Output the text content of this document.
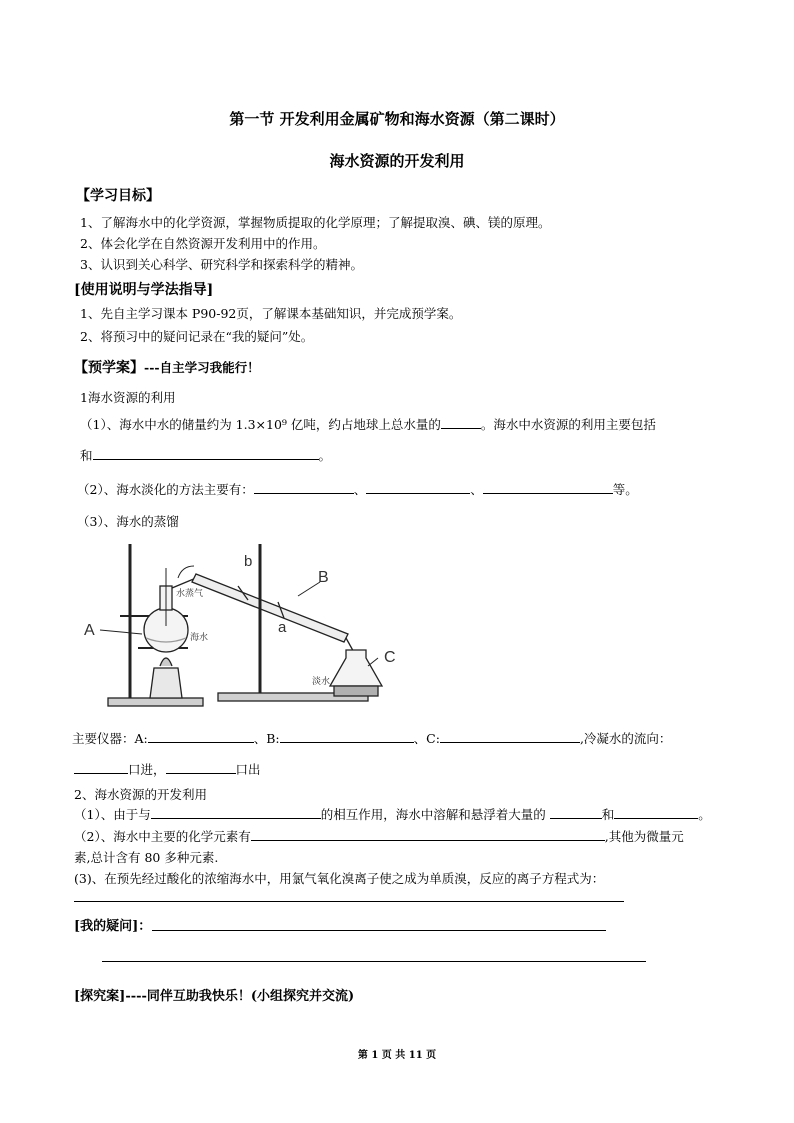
第一节 开发利用金属矿物和海水资源（第二课时）
海水资源的开发利用
【学习目标】
1、了解海水中的化学资源，掌握物质提取的化学原理；了解提取溴、碘、镁的原理。
2、体会化学在自然资源开发利用中的作用。
3、认识到关心科学、研究科学和探索科学的精神。
[使用说明与学法指导]
1、先自主学习课本 P90-92页，了解课本基础知识，并完成预学案。
2、将预习中的疑问记录在“我的疑问”处。
【预学案】---自主学习我能行！
1海水资源的利用
（1）、海水中水的储量约为 1.3×10⁹ 亿吨，约占地球上总水量的	。海水中水资源的利用主要包括
和	。
（2）、海水淡化的方法主要有：	、	、	等。
（3）、海水的蒸馏
A
B
C
b
a
水蒸气
海水
淡水
主要仪器：A:	、B:	、C:	,冷凝水的流向：
口进，	口出
2、海水资源的开发利用
（1）、由于与	的相互作用，海水中溶解和悬浮着大量的	和	。
（2）、海水中主要的化学元素有	,其他为微量元
素,总计含有 80 多种元素.
(3)、在预先经过酸化的浓缩海水中，用氯气氧化溴离子使之成为单质溴，反应的离子方程式为：
[我的疑问]：
[探究案]----同伴互助我快乐！(小组探究并交流)
第 1 页 共 11 页
